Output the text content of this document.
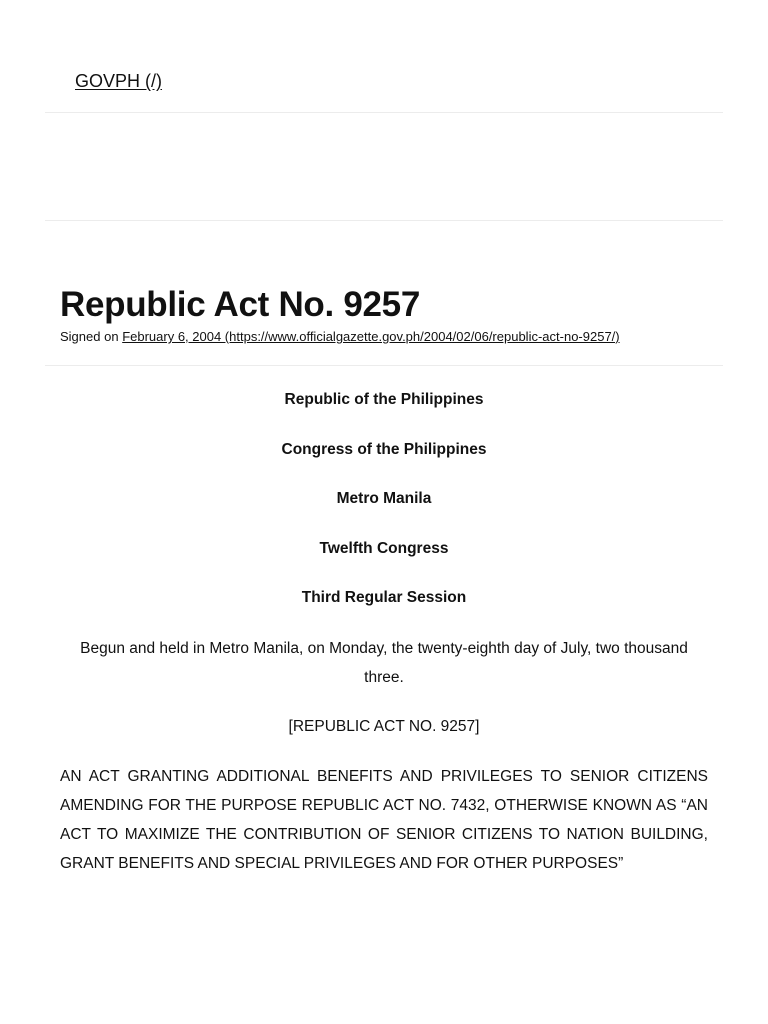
GOVPH (/)
Republic Act No. 9257
Signed on February 6, 2004 (https://www.officialgazette.gov.ph/2004/02/06/republic-act-no-9257/)

Republic of the Philippines

Congress of the Philippines

Metro Manila

Twelfth Congress

Third Regular Session

Begun and held in Metro Manila, on Monday, the twenty-eighth day of July, two thousand three.

[REPUBLIC ACT NO. 9257]

AN ACT GRANTING ADDITIONAL BENEFITS AND PRIVILEGES TO SENIOR CITIZENS AMENDING FOR THE PURPOSE REPUBLIC ACT NO. 7432, OTHERWISE KNOWN AS “AN ACT TO MAXIMIZE THE CONTRIBUTION OF SENIOR CITIZENS TO NATION BUILDING, GRANT BENEFITS AND SPECIAL PRIVILEGES AND FOR OTHER PURPOSES”
